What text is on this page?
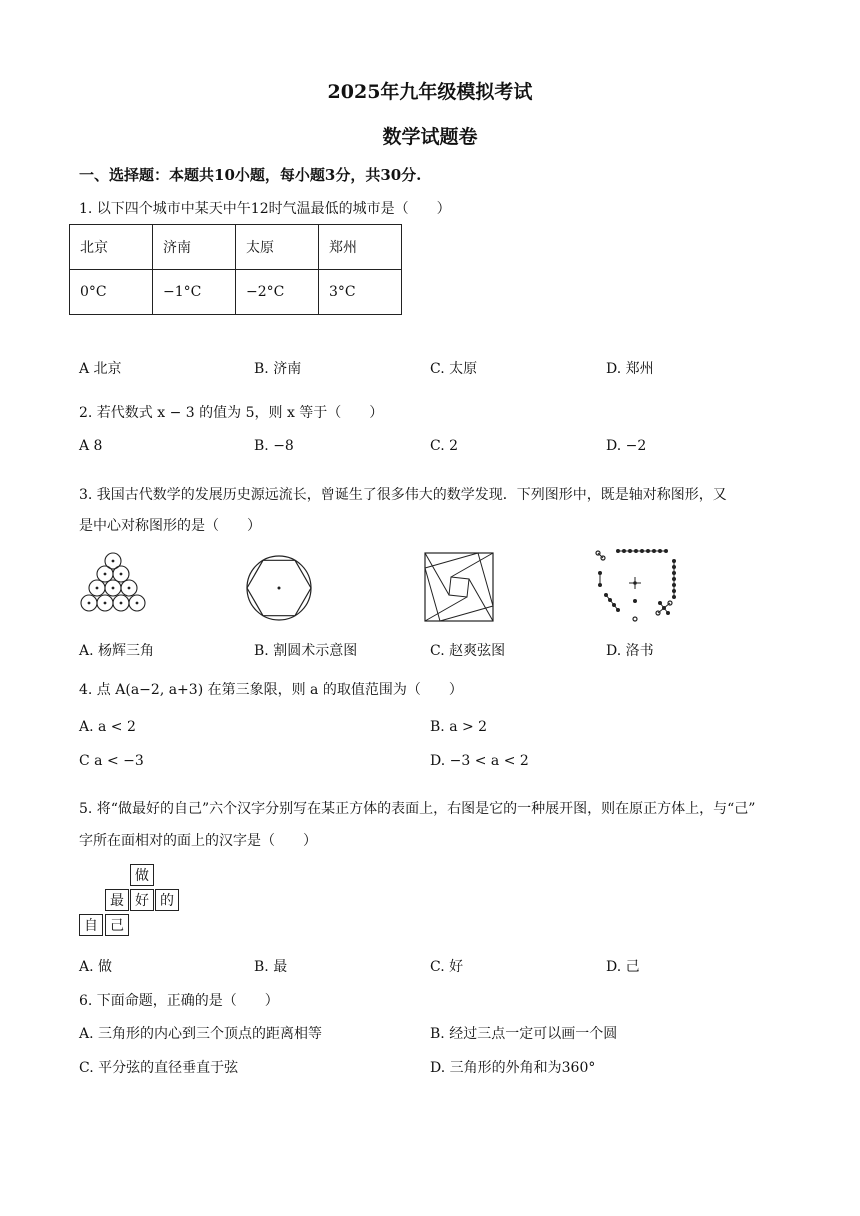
2025年九年级模拟考试
数学试题卷
一、选择题：本题共10小题，每小题3分，共30分.
1. 以下四个城市中某天中午12时气温最低的城市是（　　）
北京	济南	太原	郑州
0°C	−1°C	−2°C	3°C
A 北京	B. 济南	C. 太原	D. 郑州
2. 若代数式 x − 3 的值为 5，则 x 等于（　　）
A 8	B. −8	C. 2	D. −2
3. 我国古代数学的发展历史源远流长，曾诞生了很多伟大的数学发现．下列图形中，既是轴对称图形，又
是中心对称图形的是（　　）
A. 杨辉三角	B. 割圆术示意图	C. 赵爽弦图	D. 洛书
4. 点 A(a−2, a+3) 在第三象限，则 a 的取值范围为（　　）
A. a < 2	B. a > 2
C a < −3	D. −3 < a < 2
5. 将“做最好的自己”六个汉字分别写在某正方体的表面上，右图是它的一种展开图，则在原正方体上，与“己”
字所在面相对的面上的汉字是（　　）
做
最 好 的
自 己
A. 做	B. 最	C. 好	D. 己
6. 下面命题，正确的是（　　）
A. 三角形的内心到三个顶点的距离相等	B. 经过三点一定可以画一个圆
C. 平分弦的直径垂直于弦	D. 三角形的外角和为360°
